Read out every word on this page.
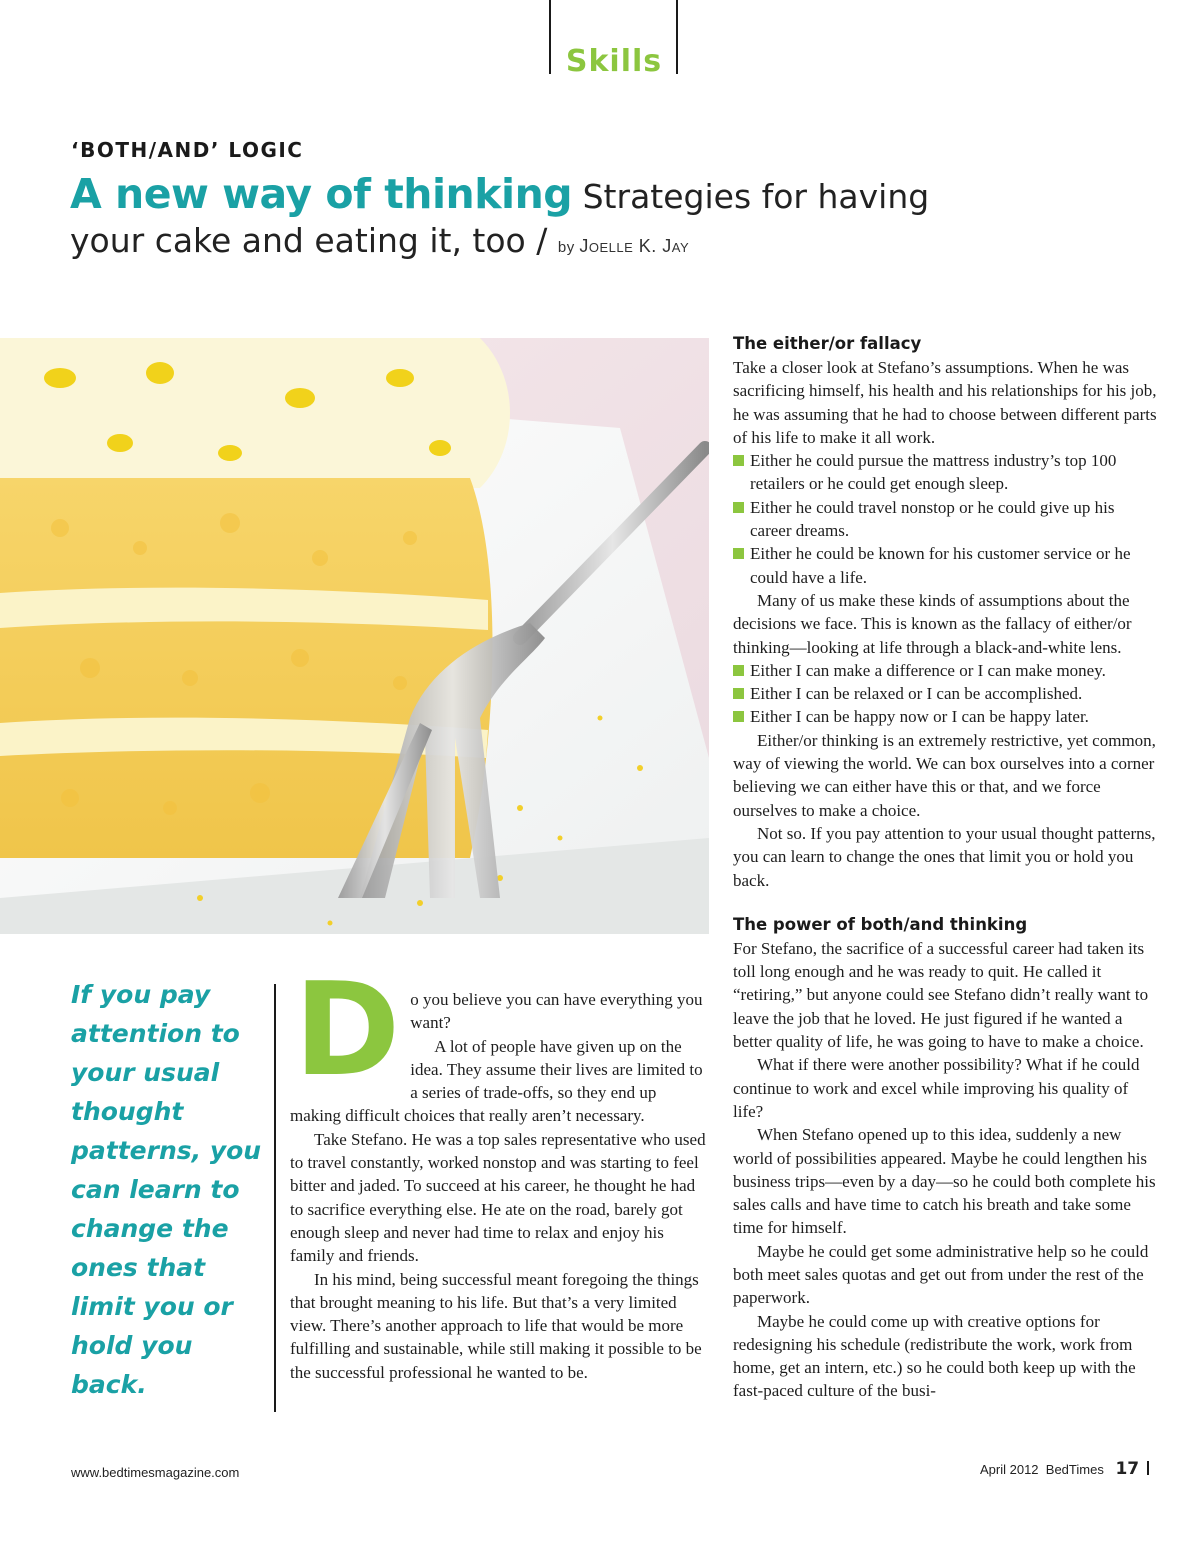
Skills
‘BOTH/AND’ LOGIC
A new way of thinking Strategies for having
your cake and eating it, too / by Joelle K. Jay

If you pay attention to your usual thought patterns, you can learn to change the ones that limit you or hold you back.

D o you believe you can have everything you want?

A lot of people have given up on the idea. They assume their lives are limited to a series of trade-offs, so they end up making difficult choices that really aren’t necessary.

Take Stefano. He was a top sales representative who used to travel constantly, worked nonstop and was starting to feel bitter and jaded. To succeed at his career, he thought he had to sacrifice everything else. He ate on the road, barely got enough sleep and never had time to relax and enjoy his family and friends.

In his mind, being successful meant foregoing the things that brought meaning to his life. But that’s a very limited view. There’s another approach to life that would be more fulfilling and sustainable, while still making it possible to be the successful professional he wanted to be.

The either/or fallacy

Take a closer look at Stefano’s assumptions. When he was sacrificing himself, his health and his relationships for his job, he was assuming that he had to choose between different parts of his life to make it all work.

Either he could pursue the mattress industry’s top 100 retailers or he could get enough sleep.

Either he could travel nonstop or he could give up his career dreams.

Either he could be known for his customer service or he could have a life.

Many of us make these kinds of assumptions about the decisions we face. This is known as the fallacy of either/or thinking—looking at life through a black-and-white lens.

Either I can make a difference or I can make money.

Either I can be relaxed or I can be accomplished.

Either I can be happy now or I can be happy later.

Either/or thinking is an extremely restrictive, yet common, way of viewing the world. We can box ourselves into a corner believing we can either have this or that, and we force ourselves to make a choice.

Not so. If you pay attention to your usual thought patterns, you can learn to change the ones that limit you or hold you back.

The power of both/and thinking

For Stefano, the sacrifice of a successful career had taken its toll long enough and he was ready to quit. He called it “retiring,” but anyone could see Stefano didn’t really want to leave the job that he loved. He just figured if he wanted a better quality of life, he was going to have to make a choice.

What if there were another possibility? What if he could continue to work and excel while improving his quality of life?

When Stefano opened up to this idea, suddenly a new world of possibilities appeared. Maybe he could lengthen his business trips—even by a day—so he could both complete his sales calls and have time to catch his breath and take some time for himself.

Maybe he could get some administrative help so he could both meet sales quotas and get out from under the rest of the paperwork.

Maybe he could come up with creative options for redesigning his schedule (redistribute the work, work from home, get an intern, etc.) so he could both keep up with the fast-paced culture of the busi-

www.bedtimesmagazine.com	April 2012 BedTimes 17
